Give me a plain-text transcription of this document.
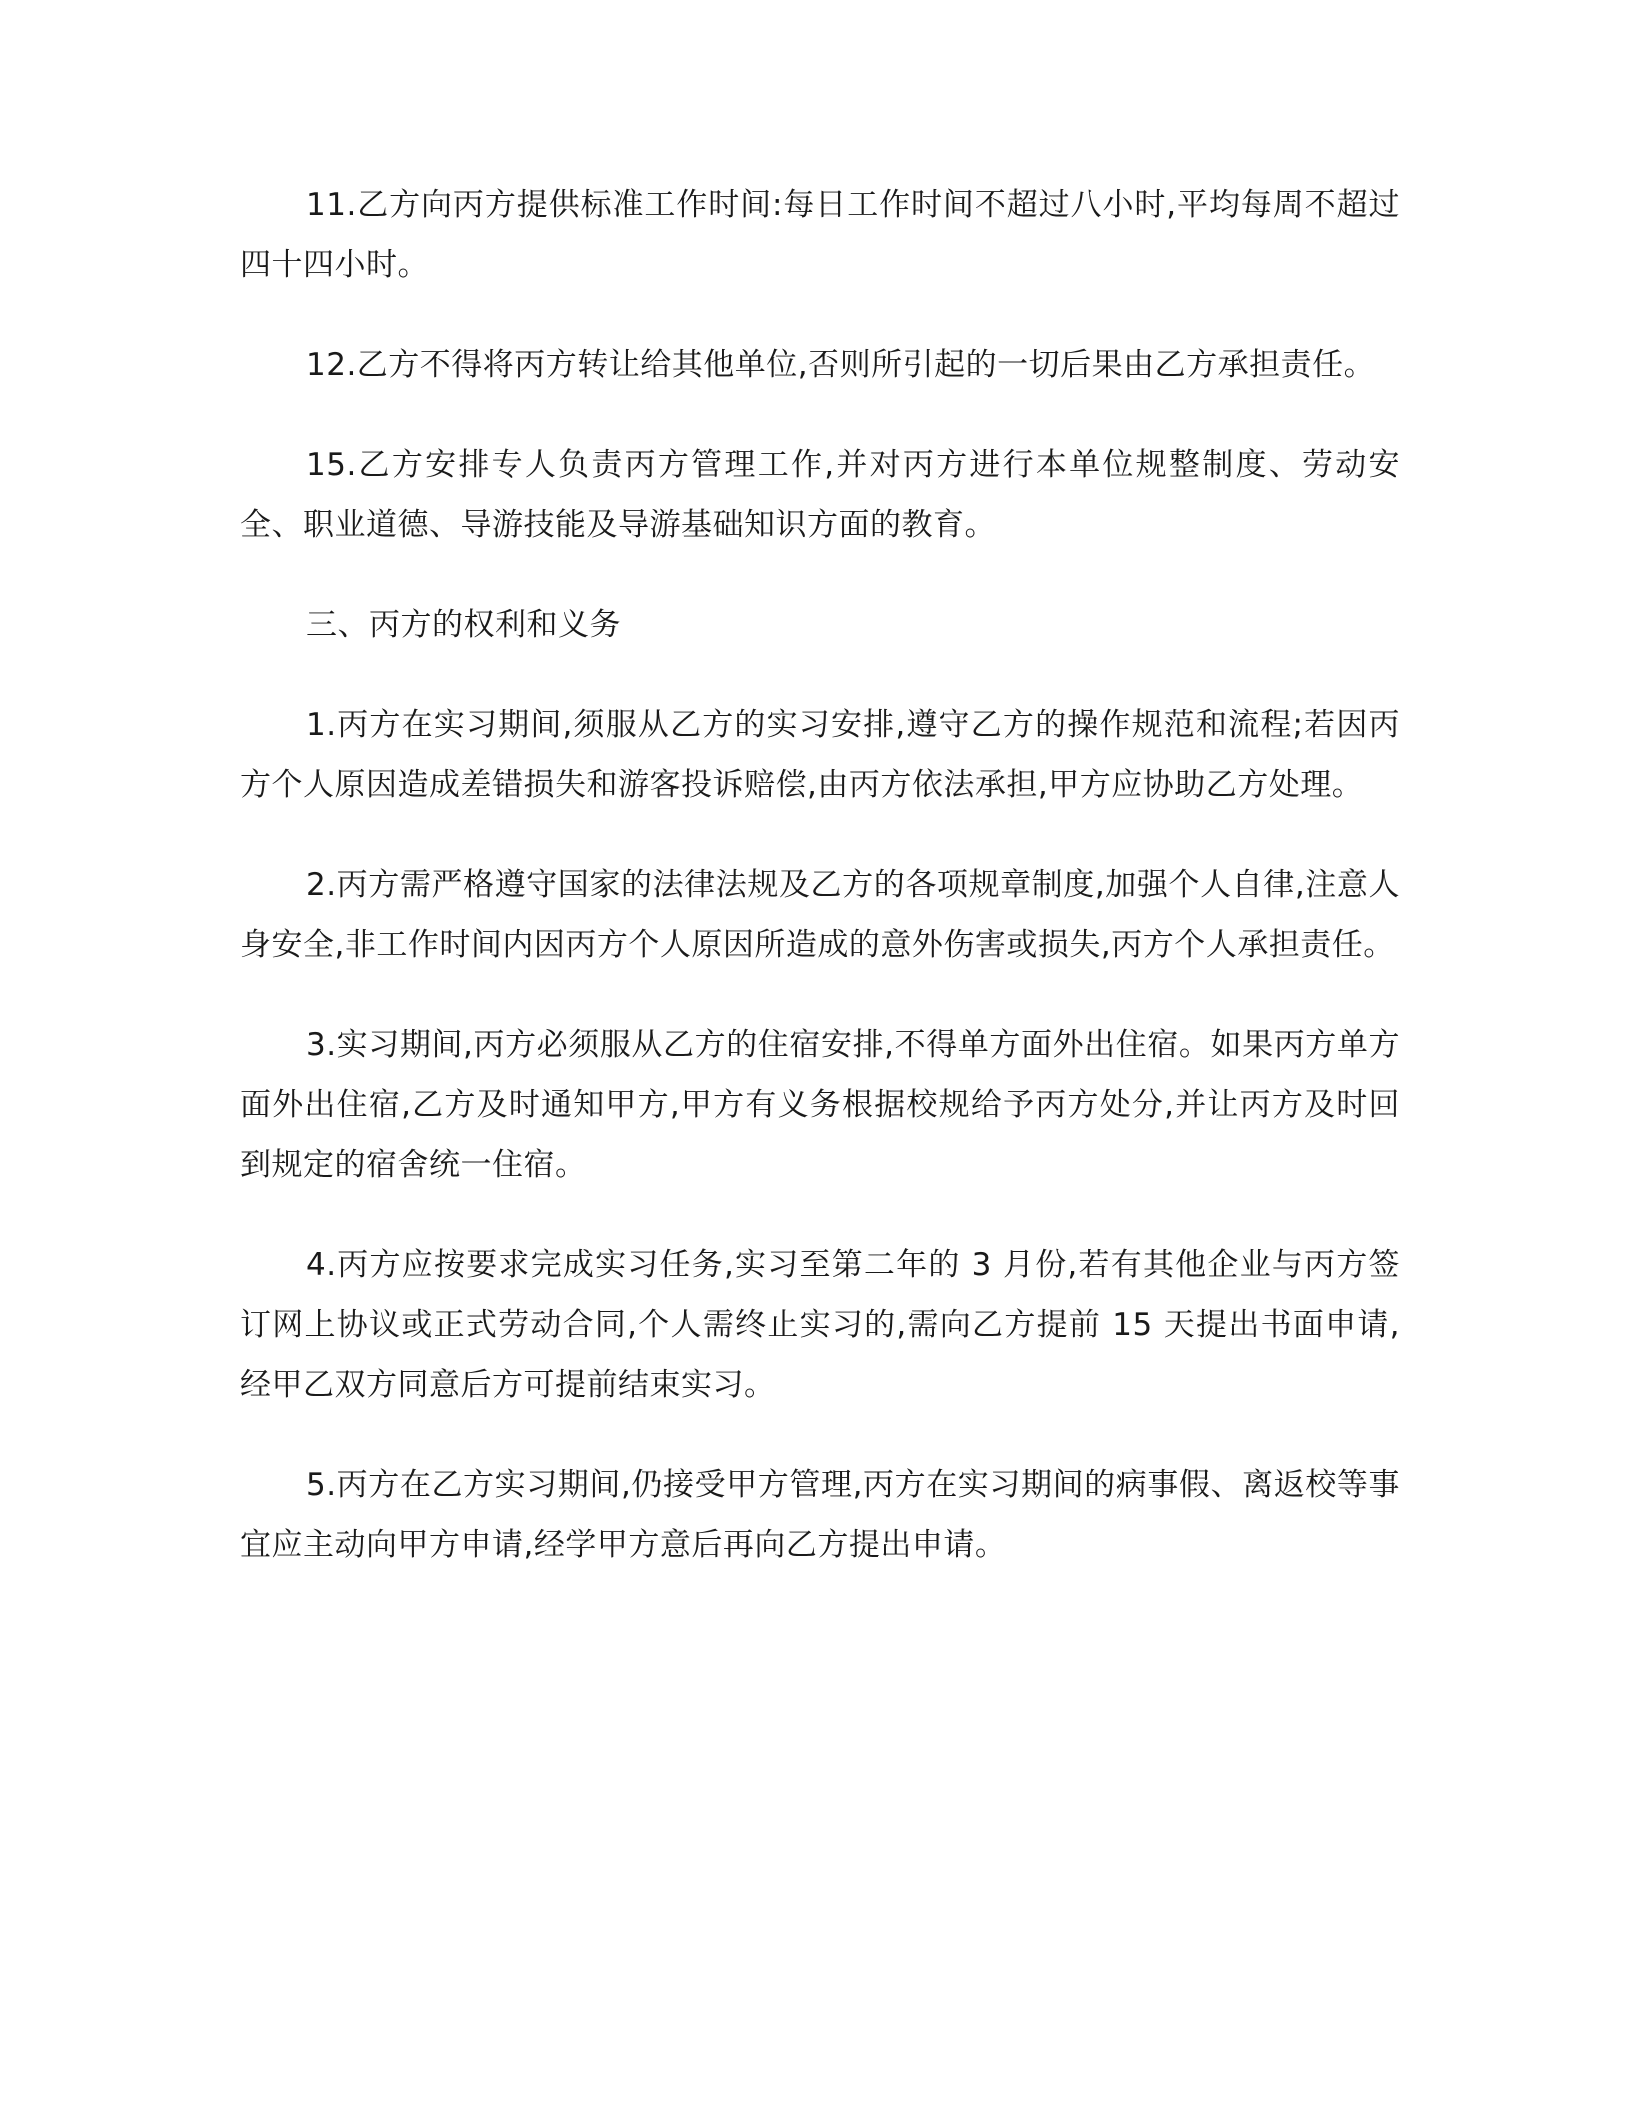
11.乙方向丙方提供标准工作时间:每日工作时间不超过八小时,平均每周不超过四十四小时。

12.乙方不得将丙方转让给其他单位,否则所引起的一切后果由乙方承担责任。

15.乙方安排专人负责丙方管理工作,并对丙方进行本单位规整制度、劳动安全、职业道德、导游技能及导游基础知识方面的教育。

三、丙方的权利和义务

1.丙方在实习期间,须服从乙方的实习安排,遵守乙方的操作规范和流程;若因丙方个人原因造成差错损失和游客投诉赔偿,由丙方依法承担,甲方应协助乙方处理。

2.丙方需严格遵守国家的法律法规及乙方的各项规章制度,加强个人自律,注意人身安全,非工作时间内因丙方个人原因所造成的意外伤害或损失,丙方个人承担责任。

3.实习期间,丙方必须服从乙方的住宿安排,不得单方面外出住宿。如果丙方单方面外出住宿,乙方及时通知甲方,甲方有义务根据校规给予丙方处分,并让丙方及时回到规定的宿舍统一住宿。

4.丙方应按要求完成实习任务,实习至第二年的 3 月份,若有其他企业与丙方签订网上协议或正式劳动合同,个人需终止实习的,需向乙方提前 15 天提出书面申请,经甲乙双方同意后方可提前结束实习。

5.丙方在乙方实习期间,仍接受甲方管理,丙方在实习期间的病事假、离返校等事宜应主动向甲方申请,经学甲方意后再向乙方提出申请。
